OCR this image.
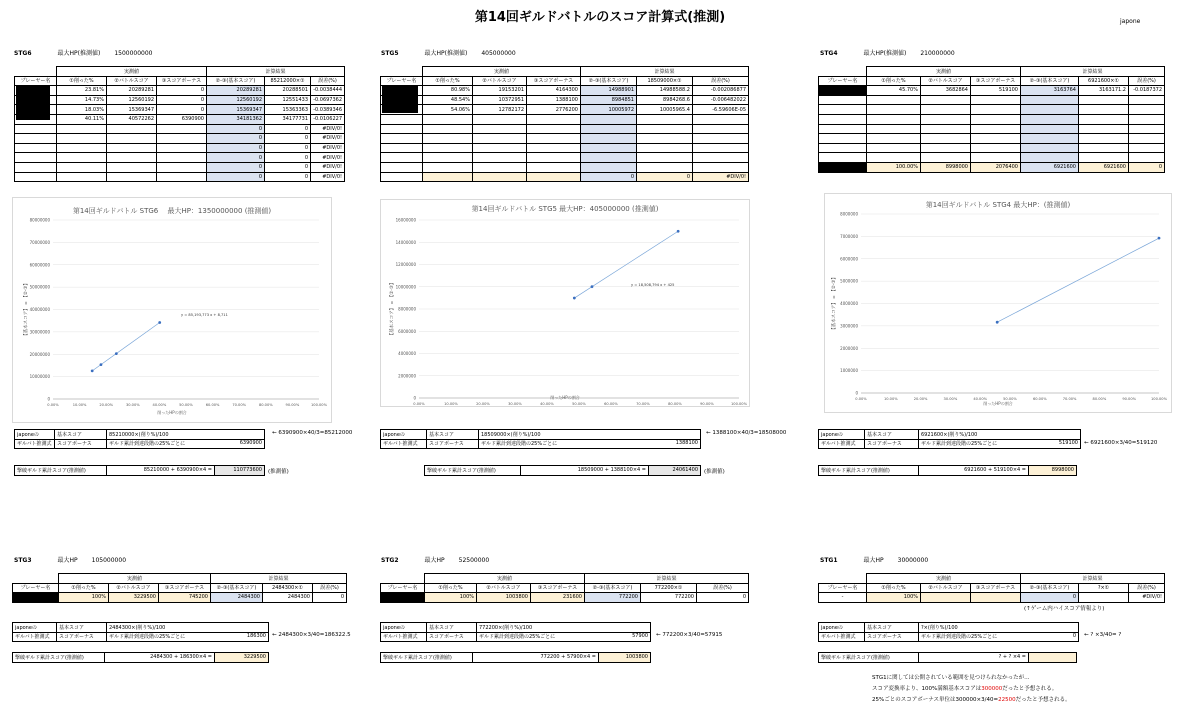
第14回ギルドバトルのスコア計算式(推測)	japone
STG6	最大HP(推測値) 1500000000
	実測値			計算結果		
プレーヤー名	①削った%	②バトルスコア	③スコアボーナス	②-③(基本スコア)	85212000×①	誤差(%)
	23.81%	20289281	0	20289281	20288501	-0.0038444
	14.73%	12560192	0	12560192	12551433	-0.0697362
	18.03%	15369347	0	15369347	15363363	-0.0389346
	40.11%	40572262	6390900	34181362	34177731	-0.0106227
				0	0	#DIV/0!
				0	0	#DIV/0!
				0	0	#DIV/0!
				0	0	#DIV/0!
				0	0	#DIV/0!
				0	0	#DIV/0!
第14回ギルドバトル STG6　 最大HP：1350000000 (推測値)
0
10000000
20000000
30000000
40000000
50000000
60000000
70000000
80000000
0.00%	10.00%	20.00%	30.00%	40.00%	50.00%	60.00%	70.00%	80.00%	90.00%	100.00%
【基本スコア】 = 【②-③】	y = 85,193,773 x + 8,711
削ったHPの割合
japoneの	基本スコア	85210000×(削り%)/100
ギルバト推測式	スコアボーナス	ギルド累計到達段階の25%ごとに 6390900
← 6390900×40/3=85212000
撃破ギルド累計スコア(推測値)	85210000 + 6390900×4 =	110773600 (推測値)
STG5	最大HP(推測値) 405000000
	実測値			計算結果		
プレーヤー名	①削った%	②バトルスコア	③スコアボーナス	②-③(基本スコア)	18509000×①	誤差(%)
	80.98%	19153201	4164300	14988901	14988588.2	-0.002086877
	48.54%	10372951	1388100	8984851	8984268.6	-0.006482022
	54.06%	12782172	2776200	10005972	10005965.4	-6.59606E-05

				0	0	#DIV/0!
第14回ギルドバトル STG5 最大HP：405000000 (推測値)
0
2000000
4000000
6000000
8000000
10000000
12000000
14000000
16000000
0.00%	10.00%	20.00%	30.00%	40.00%	50.00%	60.00%	70.00%	80.00%	90.00%	100.00%
【基本スコア】 = 【②-③】	y = 18,508,794 x + 425
削ったHPの割合
japoneの	基本スコア	18509000×(削り%)/100
ギルバト推測式	スコアボーナス	ギルド累計到達段階の25%ごとに 1388100
← 1388100×40/3=18508000
撃破ギルド累計スコア(推測値)	18509000 + 1388100×4 =	24061400 (推測値)
STG4	最大HP(推測値) 210000000
	実測値			計算結果		
プレーヤー名	①削った%	②バトルスコア	③スコアボーナス	②-③(基本スコア)	6921600×①	誤差(%)
	45.70%	3682864	519100	3163764	3163171.2	-0.0187372

	100.00%	8998000	2076400	6921600	6921600	0
第14回ギルドバトル STG4 最大HP：(推測値)
0
1000000
2000000
3000000
4000000
5000000
6000000
7000000
8000000
0.00%	10.00%	20.00%	30.00%	40.00%	50.00%	60.00%	70.00%	80.00%	90.00%	100.00%
【基本スコア】 = 【②-③】
削ったHPの割合
japoneの	基本スコア	6921600×(削り%)/100
ギルバト推測式	スコアボーナス	ギルド累計到達段階の25%ごとに 519100 ← 6921600×3/40=519120
撃破ギルド累計スコア(推測値)	6921600 + 519100×4 =	8998000
STG3	最大HP 105000000
	実測値			計算結果		
プレーヤー名	①削った%	②バトルスコア	③スコアボーナス	②-③(基本スコア)	2484300×①	誤差(%)
	100%	3229500	745200	2484300	2484300	0
japoneの	基本スコア	2484300×(削り%)/100
ギルバト推測式	スコアボーナス	ギルド累計到達段階の25%ごとに 186300 ← 2484300×3/40=186322.5
撃破ギルド累計スコア(推測値)	2484300 + 186300×4 =	3229500
STG2	最大HP 52500000
	実測値			計算結果		
プレーヤー名	①削った%	②バトルスコア	③スコアボーナス	②-③(基本スコア)	772200×①	誤差(%)
	100%	1003800	231600	772200	772200	0
japoneの	基本スコア	772200×(削り%)/100
ギルバト推測式	スコアボーナス	ギルド累計到達段階の25%ごとに 57900 ← 772200×3/40=57915
撃破ギルド累計スコア(推測値)	772200 + 57900×4 =	1003800
STG1	最大HP 30000000
	実測値			計算結果		
プレーヤー名	①削った%	②バトルスコア	③スコアボーナス	②-③(基本スコア)	?×①	誤差(%)
-	100%			0		#DIV/0!
(↑ゲーム内ハイスコア情報より)
japoneの	基本スコア	?×(削り%)/100
ギルバト推測式	スコアボーナス	ギルド累計到達段階の25%ごとに 0 ← ? ×3/40= ?
撃破ギルド累計スコア(推測値)	? + ? ×4 =	
STG1に関しては公開されている範囲を見つけられなかったが…
スコア変換率より、100%満額基本スコアは300000だったと予想される。
25%ごとのスコアボーナス単位は300000×3/40=22500だったと予想される。
